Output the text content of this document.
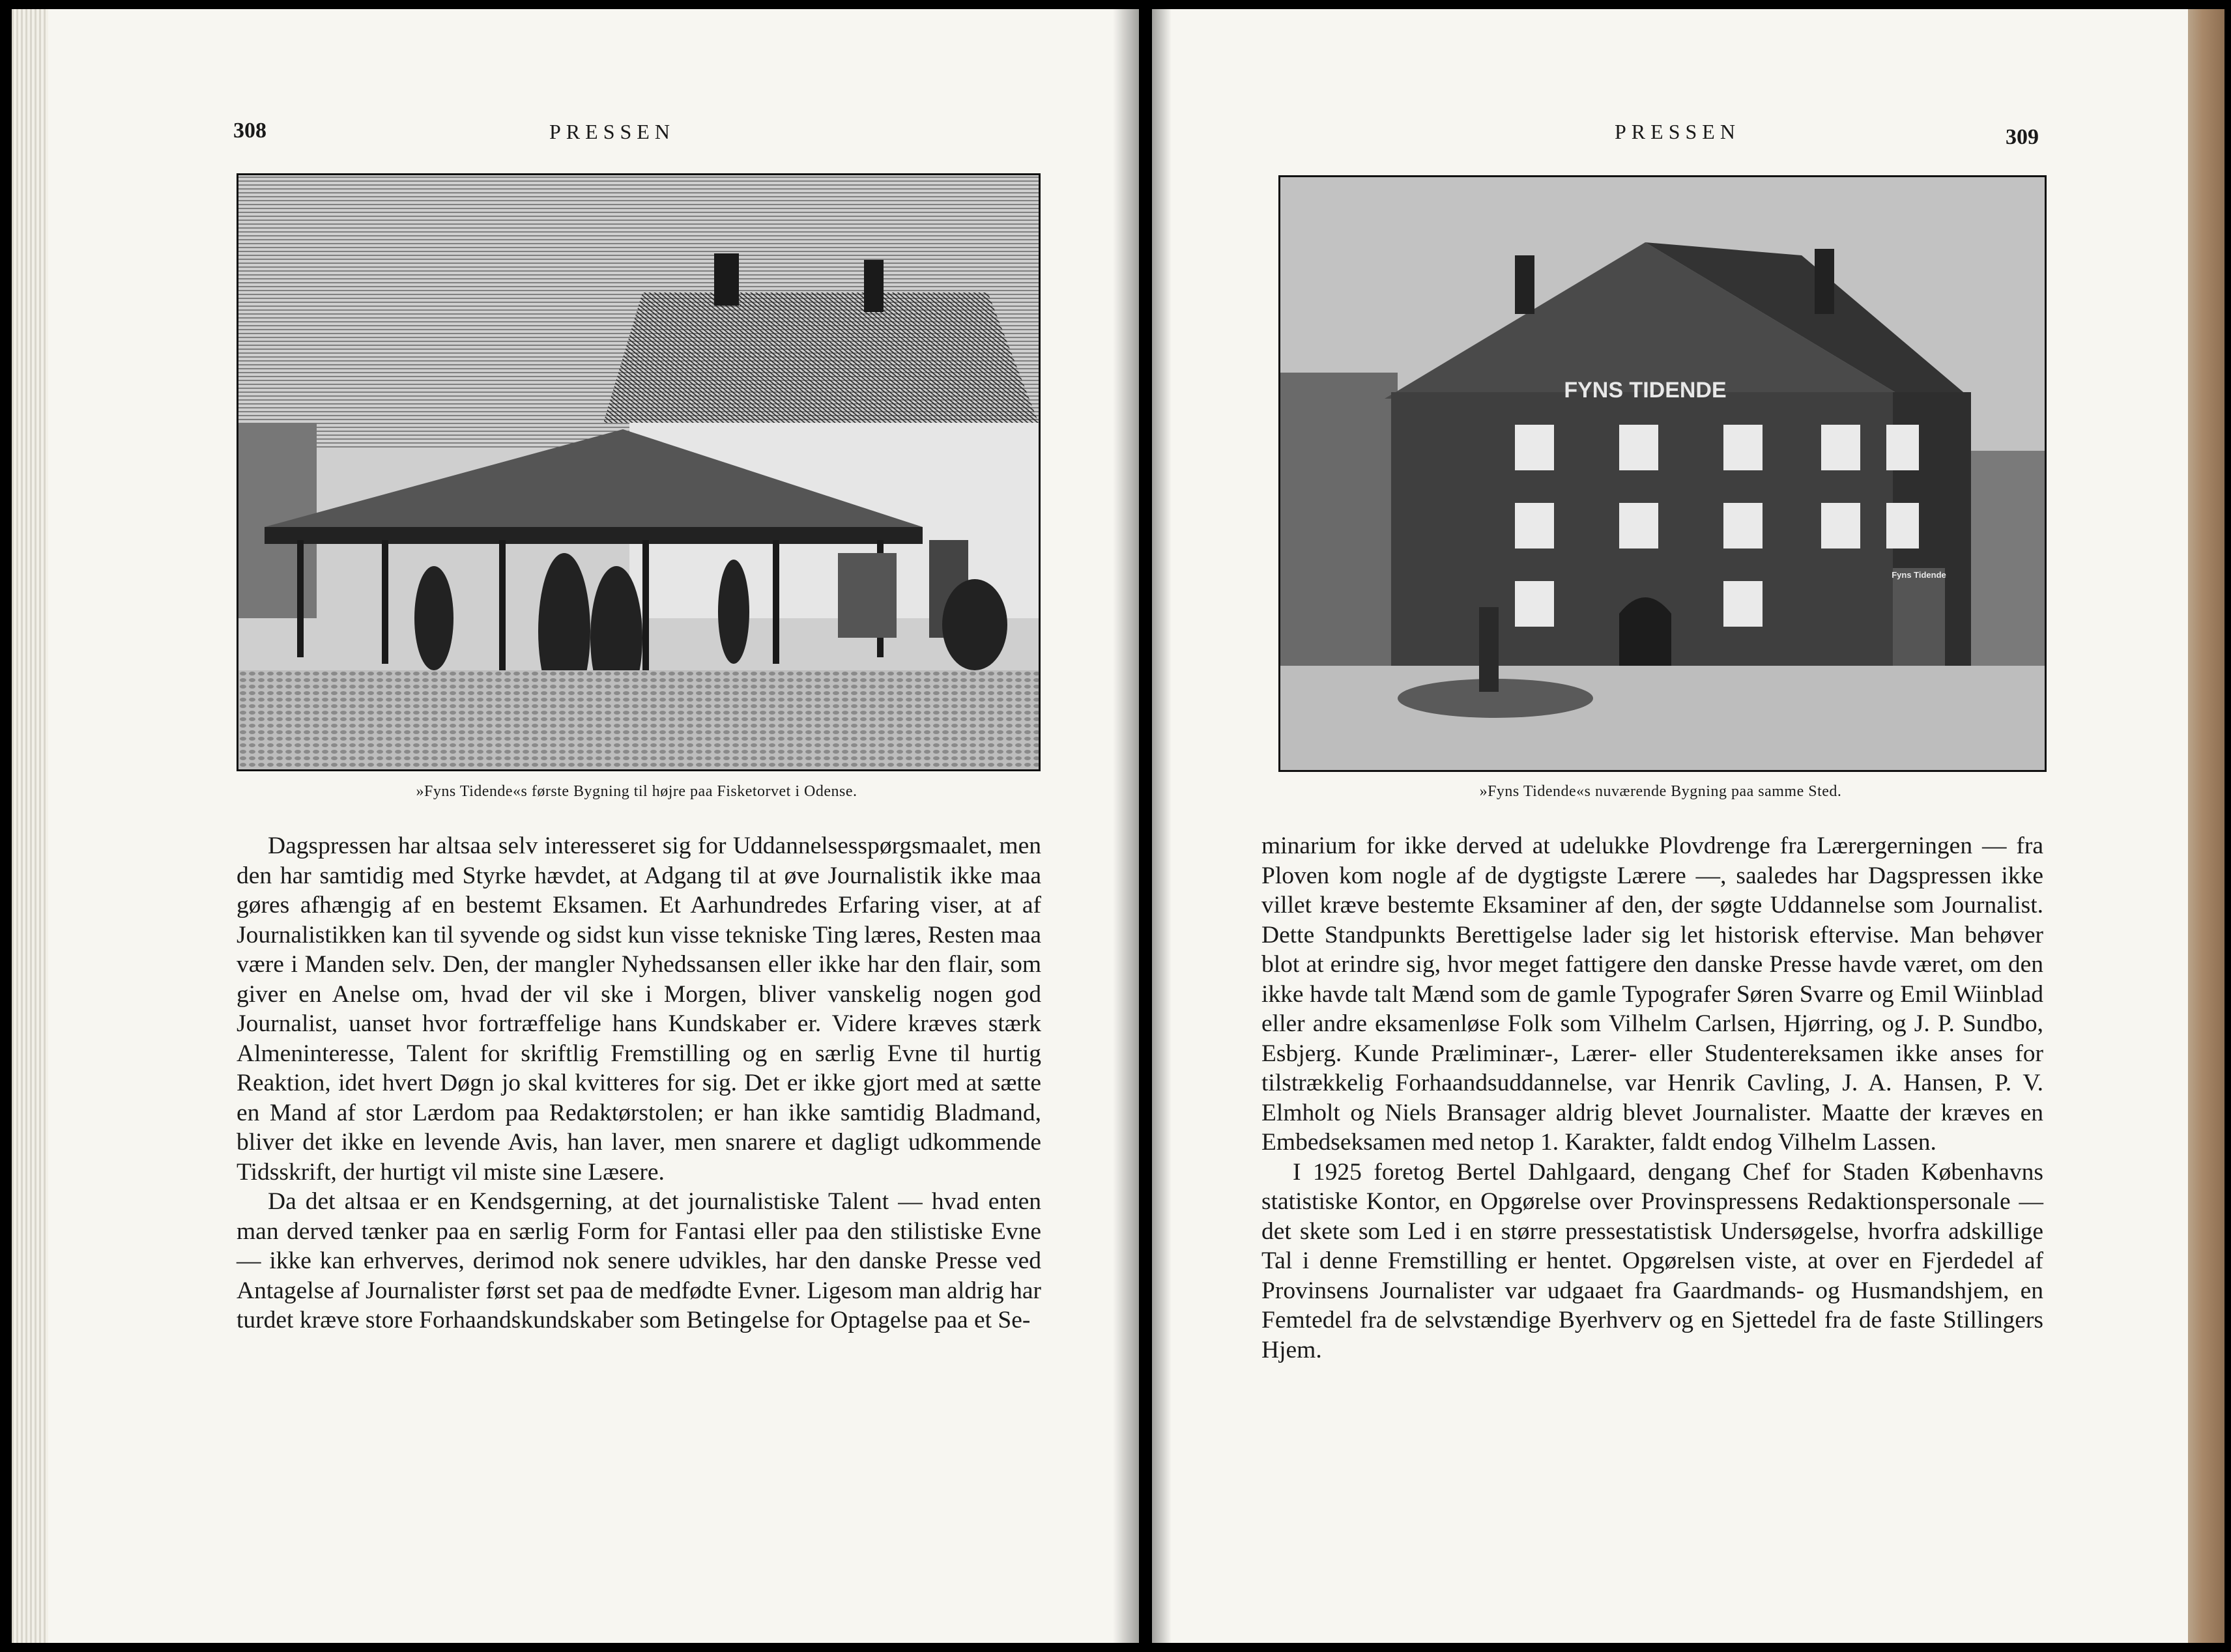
308	PRESSEN
»Fyns Tidende«s første Bygning til højre paa Fisketorvet i Odense.

Dagspressen har altsaa selv interesseret sig for Uddannelsesspørgsmaalet, men den har samtidig med Styrke hævdet, at Adgang til at øve Journalistik ikke maa gøres afhængig af en bestemt Eksamen. Et Aarhundredes Erfaring viser, at af Journalistikken kan til syvende og sidst kun visse tekniske Ting læres, Resten maa være i Manden selv. Den, der mangler Nyhedssansen eller ikke har den flair, som giver en Anelse om, hvad der vil ske i Morgen, bliver vanskelig nogen god Journalist, uanset hvor fortræffelige hans Kundskaber er. Videre kræves stærk Almeninteresse, Talent for skriftlig Fremstilling og en særlig Evne til hurtig Reaktion, idet hvert Døgn jo skal kvitteres for sig. Det er ikke gjort med at sætte en Mand af stor Lærdom paa Redaktørstolen; er han ikke samtidig Bladmand, bliver det ikke en levende Avis, han laver, men snarere et dagligt udkommende Tidsskrift, der hurtigt vil miste sine Læsere.

Da det altsaa er en Kendsgerning, at det journalistiske Talent — hvad enten man derved tænker paa en særlig Form for Fantasi eller paa den stilistiske Evne — ikke kan erhverves, derimod nok senere udvikles, har den danske Presse ved Antagelse af Journalister først set paa de medfødte Evner. Ligesom man aldrig har turdet kræve store Forhaandskundskaber som Betingelse for Optagelse paa et Se-

PRESSEN	309
FYNS TIDENDE
Fyns Tidende
»Fyns Tidende«s nuværende Bygning paa samme Sted.

minarium for ikke derved at udelukke Plovdrenge fra Lærergerningen — fra Ploven kom nogle af de dygtigste Lærere —, saaledes har Dagspressen ikke villet kræve bestemte Eksaminer af den, der søgte Uddannelse som Journalist. Dette Standpunkts Berettigelse lader sig let historisk eftervise. Man behøver blot at erindre sig, hvor meget fattigere den danske Presse havde været, om den ikke havde talt Mænd som de gamle Typografer Søren Svarre og Emil Wiinblad eller andre eksamenløse Folk som Vilhelm Carlsen, Hjørring, og J. P. Sundbo, Esbjerg. Kunde Præliminær-, Lærer- eller Studentereksamen ikke anses for tilstrækkelig Forhaandsuddannelse, var Henrik Cavling, J. A. Hansen, P. V. Elmholt og Niels Bransager aldrig blevet Journalister. Maatte der kræves en Embedseksamen med netop 1. Karakter, faldt endog Vilhelm Lassen.

I 1925 foretog Bertel Dahlgaard, dengang Chef for Staden Københavns statistiske Kontor, en Opgørelse over Provinspressens Redaktionspersonale — det skete som Led i en større pressestatistisk Undersøgelse, hvorfra adskillige Tal i denne Fremstilling er hentet. Opgørelsen viste, at over en Fjerdedel af Provinsens Journalister var udgaaet fra Gaardmands- og Husmandshjem, en Femtedel fra de selvstændige Byerhverv og en Sjettedel fra de faste Stillingers Hjem.
